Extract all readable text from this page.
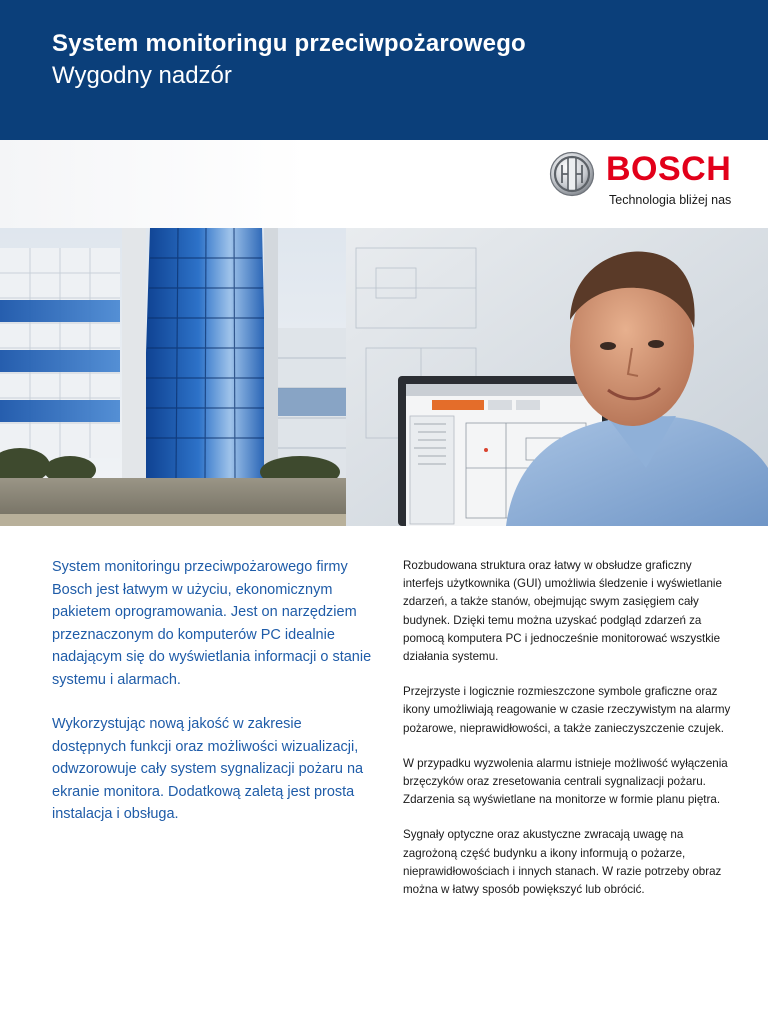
System monitoringu przeciwpożarowego
Wygodny nadzór
BOSCH
Technologia bliżej nas

System monitoringu przeciwpożarowego firmy Bosch jest łatwym w użyciu, ekonomicznym pakietem oprogramowania. Jest on narzędziem przeznaczonym do komputerów PC idealnie nadającym się do wyświetlania informacji o stanie systemu i alarmach.

Wykorzystując nową jakość w zakresie dostępnych funkcji oraz możliwości wizualizacji, odwzorowuje cały system sygnalizacji pożaru na ekranie monitora. Dodatkową zaletą jest prosta instalacja i obsługa.

Rozbudowana struktura oraz łatwy w obsłudze graficzny interfejs użytkownika (GUI) umożliwia śledzenie i wyświetlanie zdarzeń, a także stanów, obejmując swym zasięgiem cały budynek. Dzięki temu można uzyskać podgląd zdarzeń za pomocą komputera PC i jednocześnie monitorować wszystkie działania systemu.

Przejrzyste i logicznie rozmieszczone symbole graficzne oraz ikony umożliwiają reagowanie w czasie rzeczywistym na alarmy pożarowe, nieprawidłowości, a także zanieczyszczenie czujek.

W przypadku wyzwolenia alarmu istnieje możliwość wyłączenia brzęczyków oraz zresetowania centrali sygnalizacji pożaru. Zdarzenia są wyświetlane na monitorze w formie planu piętra.

Sygnały optyczne oraz akustyczne zwracają uwagę na zagrożoną część budynku a ikony informują o pożarze, nieprawidłowościach i innych stanach. W razie potrzeby obraz można w łatwy sposób powiększyć lub obrócić.
